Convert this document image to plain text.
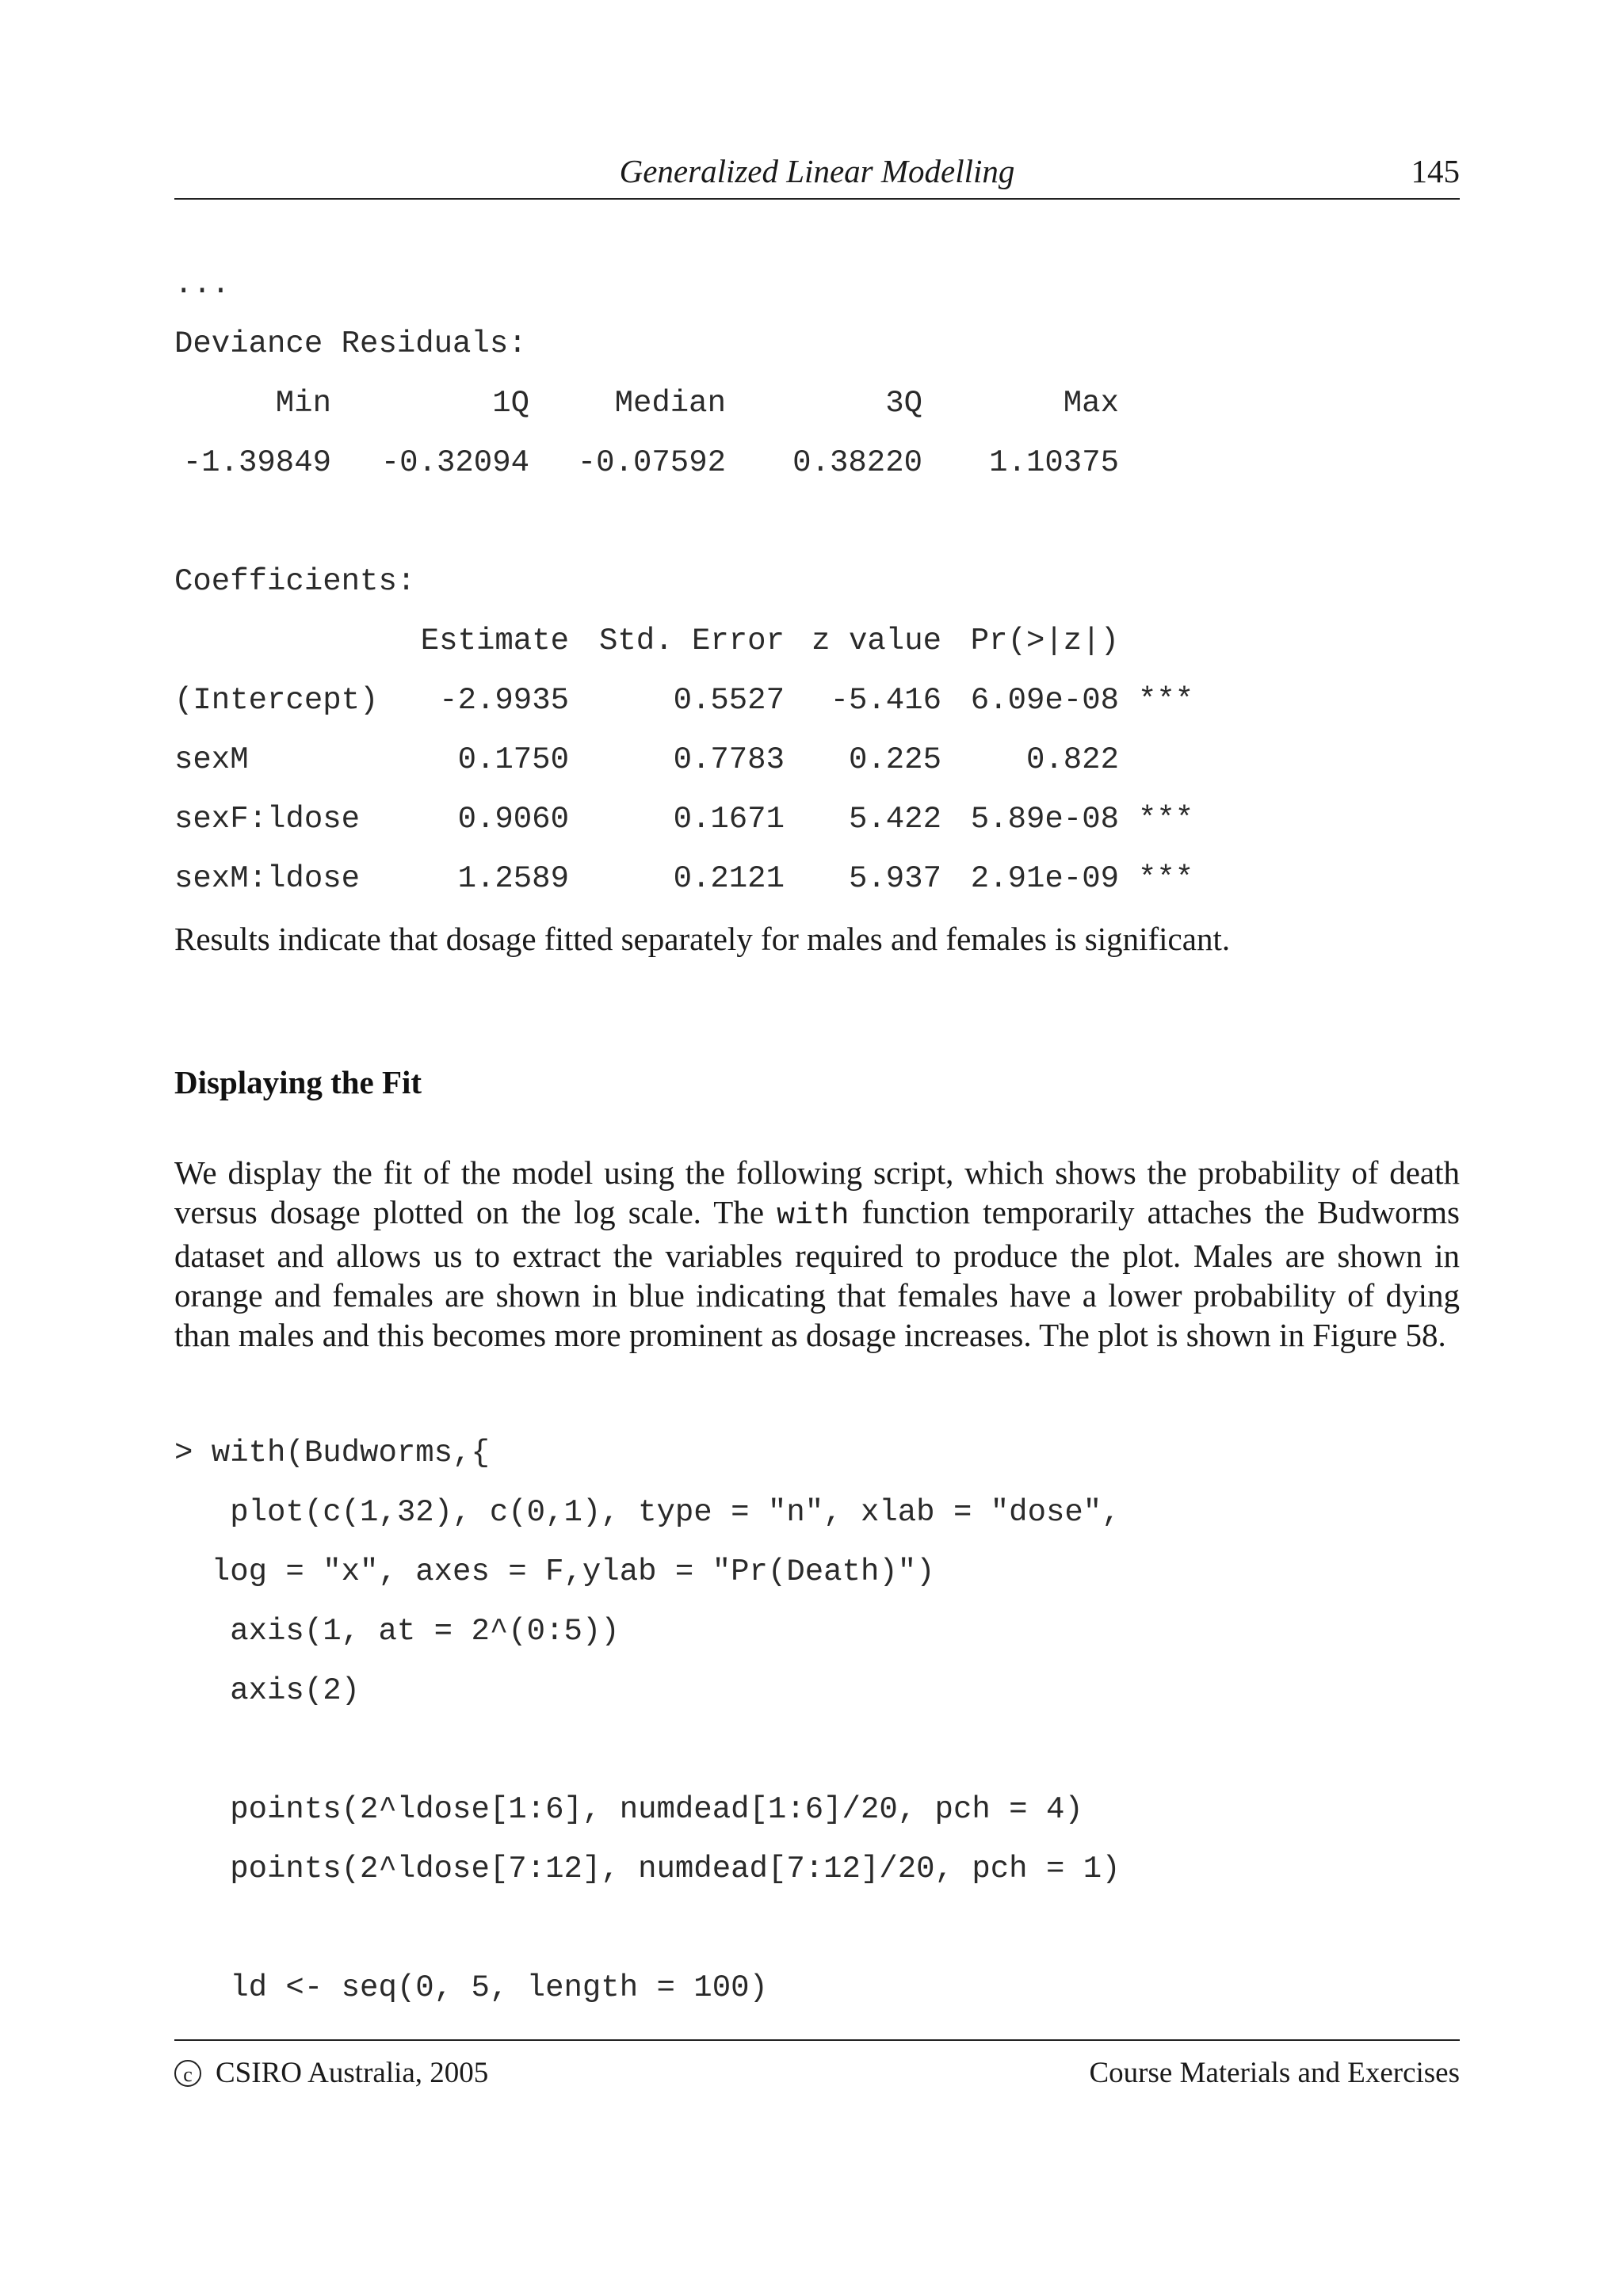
Generalized Linear Modelling	145
...
Deviance Residuals:
Min	1Q	Median	3Q	Max
-1.39849 -0.32094 -0.07592 0.38220 1.10375
Coefficients:
Estimate Std. Error z value Pr(>|z|)
(Intercept) -2.9935	0.5527 -5.416 6.09e-08 ***
sexM	0.1750	0.7783 0.225	0.822
sexF:ldose	0.9060	0.1671 5.422 5.89e-08 ***
sexM:ldose	1.2589	0.2121 5.937 2.91e-09 ***
Results indicate that dosage fitted separately for males and females is significant.
Displaying the Fit
We display the fit of the model using the following script, which shows the probability of death versus dosage plotted on the log scale. The with function temporarily attaches the Budworms dataset and allows us to extract the variables required to produce the plot. Males are shown in orange and females are shown in blue indicating that females have a lower probability of dying than males and this becomes more prominent as dosage increases. The plot is shown in Figure 58.
> with(Budworms,{
plot(c(1,32), c(0,1), type = "n", xlab = "dose",
log = "x", axes = F,ylab = "Pr(Death)")
axis(1, at = 2^(0:5))
axis(2)
points(2^ldose[1:6], numdead[1:6]/20, pch = 4)
points(2^ldose[7:12], numdead[7:12]/20, pch = 1)
ld <- seq(0, 5, length = 100)
c CSIRO Australia, 2005	Course Materials and Exercises
